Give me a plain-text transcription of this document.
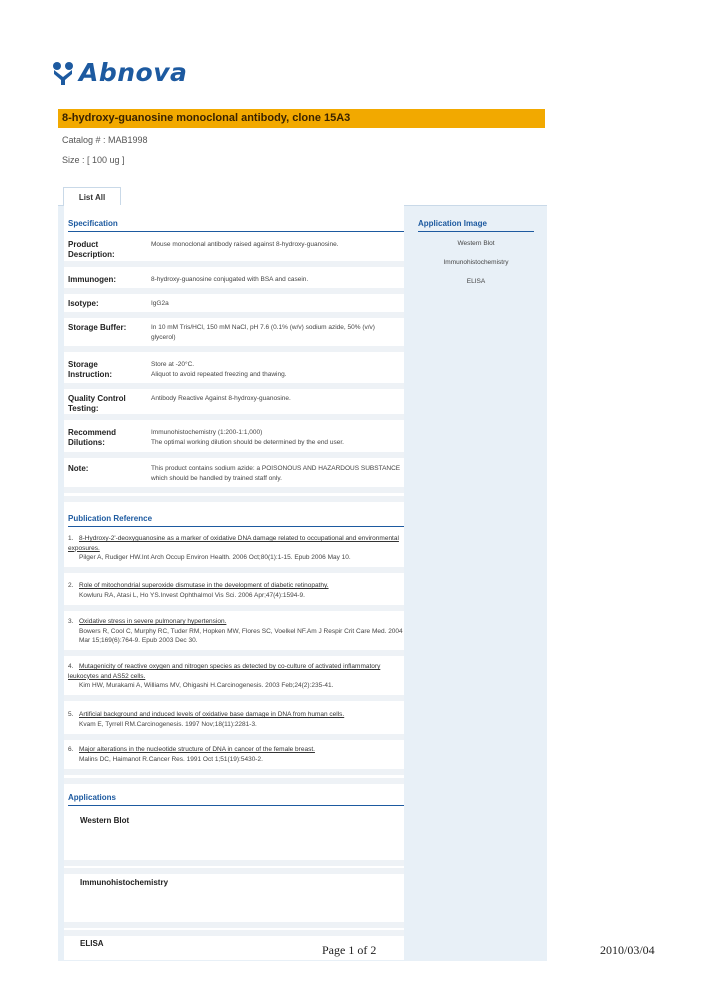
Abnova
8-hydroxy-guanosine monoclonal antibody, clone 15A3
Catalog # : MAB1998
Size : [ 100 ug ]
List All
Specification
Product Description:
Mouse monoclonal antibody raised against 8-hydroxy-guanosine.
Immunogen:	8-hydroxy-guanosine conjugated with BSA and casein.
Isotype:	IgG2a
Storage Buffer:	In 10 mM Tris/HCl, 150 mM NaCl, pH 7.6 (0.1% (w/v) sodium azide, 50% (v/v) glycerol)
Storage Instruction:
Store at -20°C.
Aliquot to avoid repeated freezing and thawing.
Quality Control Testing:
Antibody Reactive Against 8-hydroxy-guanosine.
Recommend Dilutions:
Immunohistochemistry (1:200-1:1,000)
The optimal working dilution should be determined by the end user.
Note:	This product contains sodium azide: a POISONOUS AND HAZARDOUS SUBSTANCE which should be handled by trained staff only.
Application Image
Western Blot
Immunohistochemistry
ELISA
Publication Reference
1. 8-Hydroxy-2'-deoxyguanosine as a marker of oxidative DNA damage related to occupational and environmental exposures.
Pilger A, Rudiger HW.Int Arch Occup Environ Health. 2006 Oct;80(1):1-15. Epub 2006 May 10.
2. Role of mitochondrial superoxide dismutase in the development of diabetic retinopathy.
Kowluru RA, Atasi L, Ho YS.Invest Ophthalmol Vis Sci. 2006 Apr;47(4):1594-9.
3. Oxidative stress in severe pulmonary hypertension.
Bowers R, Cool C, Murphy RC, Tuder RM, Hopken MW, Flores SC, Voelkel NF.Am J Respir Crit Care Med. 2004 Mar 15;169(6):764-9. Epub 2003 Dec 30.
4. Mutagenicity of reactive oxygen and nitrogen species as detected by co-culture of activated inflammatory leukocytes and AS52 cells.
Kim HW, Murakami A, Williams MV, Ohigashi H.Carcinogenesis. 2003 Feb;24(2):235-41.
5. Artificial background and induced levels of oxidative base damage in DNA from human cells.
Kvam E, Tyrrell RM.Carcinogenesis. 1997 Nov;18(11):2281-3.
6. Major alterations in the nucleotide structure of DNA in cancer of the female breast.
Malins DC, Haimanot R.Cancer Res. 1991 Oct 1;51(19):5430-2.
Applications
Western Blot
Immunohistochemistry
ELISA	Page 1 of 2	2010/03/04
